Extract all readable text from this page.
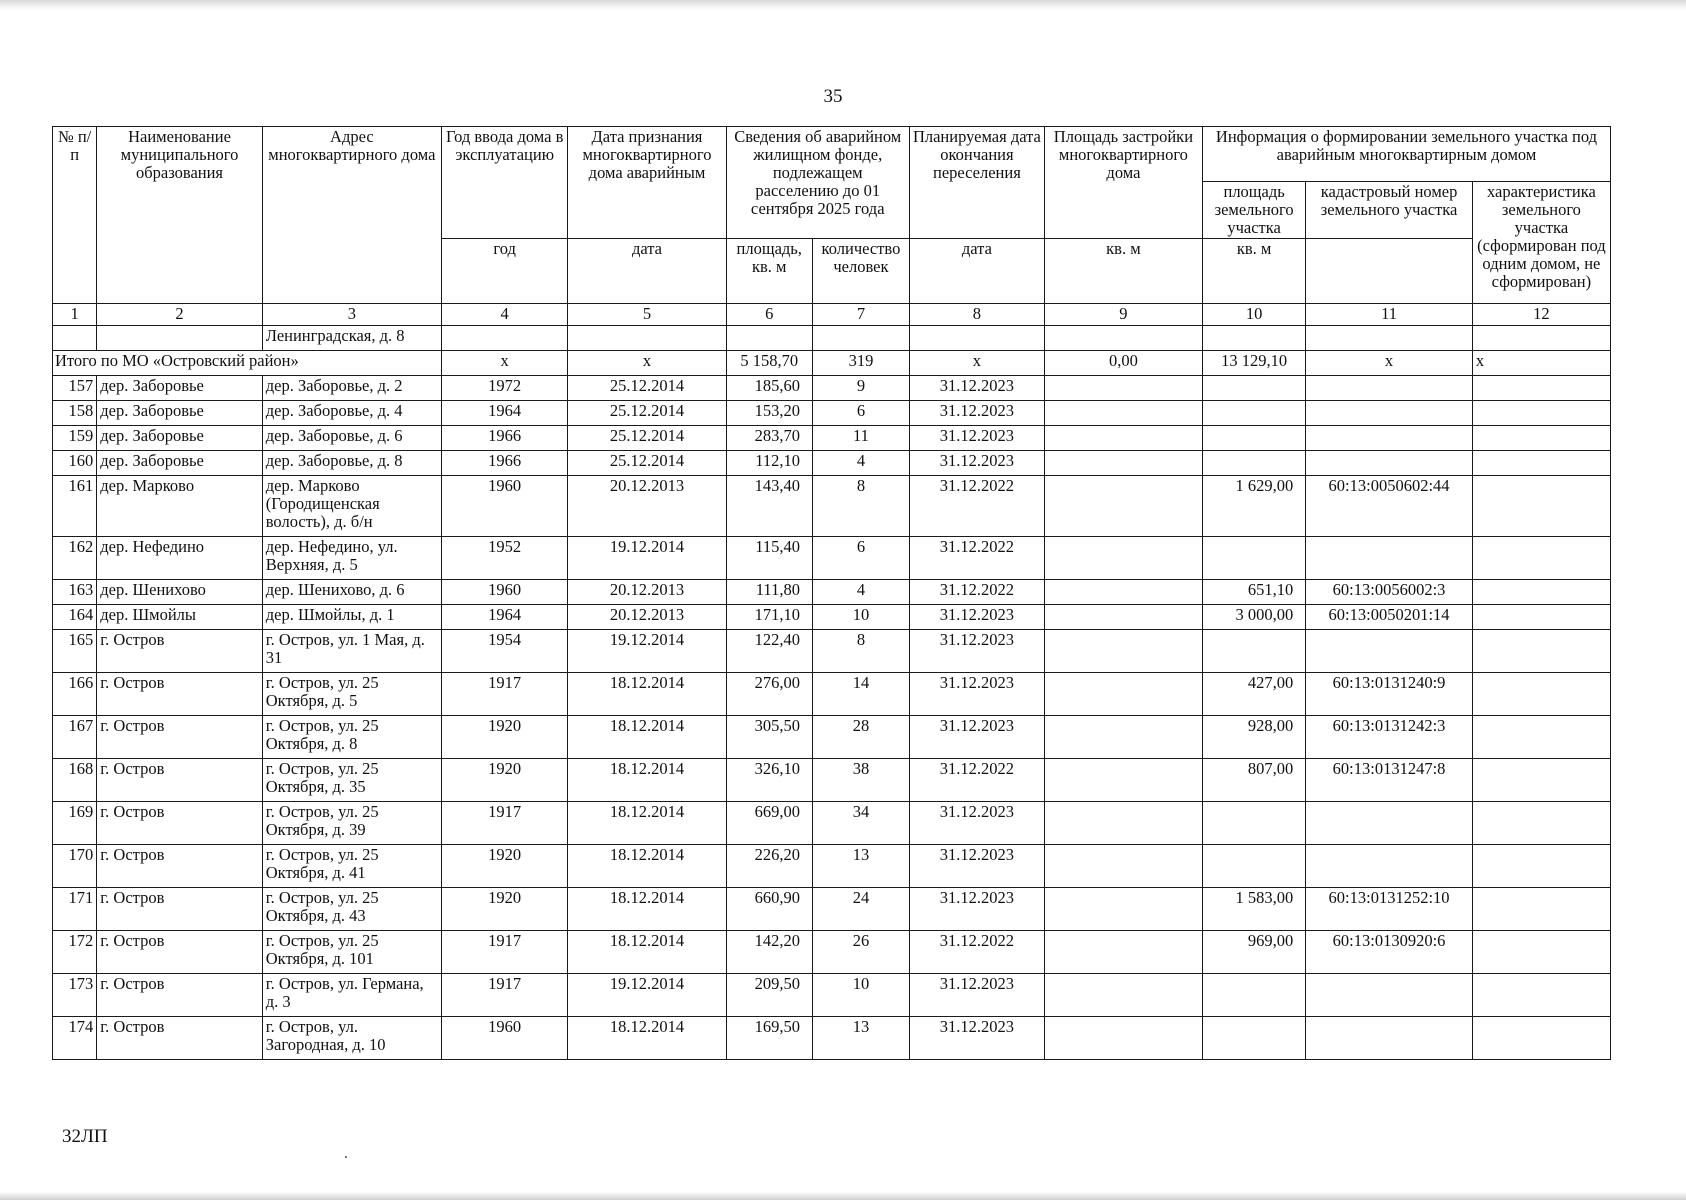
35
№ п/п	Наименование муниципального образования	Адрес многоквартирного дома	Год ввода дома в эксплуатацию	Дата признания многоквартирного дома аварийным	Сведения об аварийном жилищном фонде, подлежащем расселению до 01 сентября 2025 года		Планируемая дата окончания переселения	Площадь застройки многоквартирного дома	Информация о формировании земельного участка под аварийным многоквартирным домом		
									площадь земельного участка	кадастровый номер земельного участка	характеристика земельного участка (сформирован под одним домом, не сформирован)
			год	дата	площадь, кв. м	количество человек	дата	кв. м	кв. м		
1	2	3	4	5	6	7	8	9	10	11	12
		Ленинградская, д. 8									
Итого по МО «Островский район»			x	x	5 158,70	319	x	0,00	13 129,10	x	x
157	дер. Заборовье	дер. Заборовье, д. 2	1972	25.12.2014	185,60	9	31.12.2023				
158	дер. Заборовье	дер. Заборовье, д. 4	1964	25.12.2014	153,20	6	31.12.2023				
159	дер. Заборовье	дер. Заборовье, д. 6	1966	25.12.2014	283,70	11	31.12.2023				
160	дер. Заборовье	дер. Заборовье, д. 8	1966	25.12.2014	112,10	4	31.12.2023				
161	дер. Марково	дер. Марково (Городищенская волость), д. б/н	1960	20.12.2013	143,40	8	31.12.2022		1 629,00	60:13:0050602:44	
162	дер. Нефедино	дер. Нефедино, ул. Верхняя, д. 5	1952	19.12.2014	115,40	6	31.12.2022				
163	дер. Шенихово	дер. Шенихово, д. 6	1960	20.12.2013	111,80	4	31.12.2022		651,10	60:13:0056002:3	
164	дер. Шмойлы	дер. Шмойлы, д. 1	1964	20.12.2013	171,10	10	31.12.2023		3 000,00	60:13:0050201:14	
165	г. Остров	г. Остров, ул. 1 Мая, д. 31	1954	19.12.2014	122,40	8	31.12.2023				
166	г. Остров	г. Остров, ул. 25 Октября, д. 5	1917	18.12.2014	276,00	14	31.12.2023		427,00	60:13:0131240:9	
167	г. Остров	г. Остров, ул. 25 Октября, д. 8	1920	18.12.2014	305,50	28	31.12.2023		928,00	60:13:0131242:3	
168	г. Остров	г. Остров, ул. 25 Октября, д. 35	1920	18.12.2014	326,10	38	31.12.2022		807,00	60:13:0131247:8	
169	г. Остров	г. Остров, ул. 25 Октября, д. 39	1917	18.12.2014	669,00	34	31.12.2023				
170	г. Остров	г. Остров, ул. 25 Октября, д. 41	1920	18.12.2014	226,20	13	31.12.2023				
171	г. Остров	г. Остров, ул. 25 Октября, д. 43	1920	18.12.2014	660,90	24	31.12.2023		1 583,00	60:13:0131252:10	
172	г. Остров	г. Остров, ул. 25 Октября, д. 101	1917	18.12.2014	142,20	26	31.12.2022		969,00	60:13:0130920:6	
173	г. Остров	г. Остров, ул. Германа, д. 3	1917	19.12.2014	209,50	10	31.12.2023				
174	г. Остров	г. Остров, ул. Загородная, д. 10	1960	18.12.2014	169,50	13	31.12.2023				
32ЛП
